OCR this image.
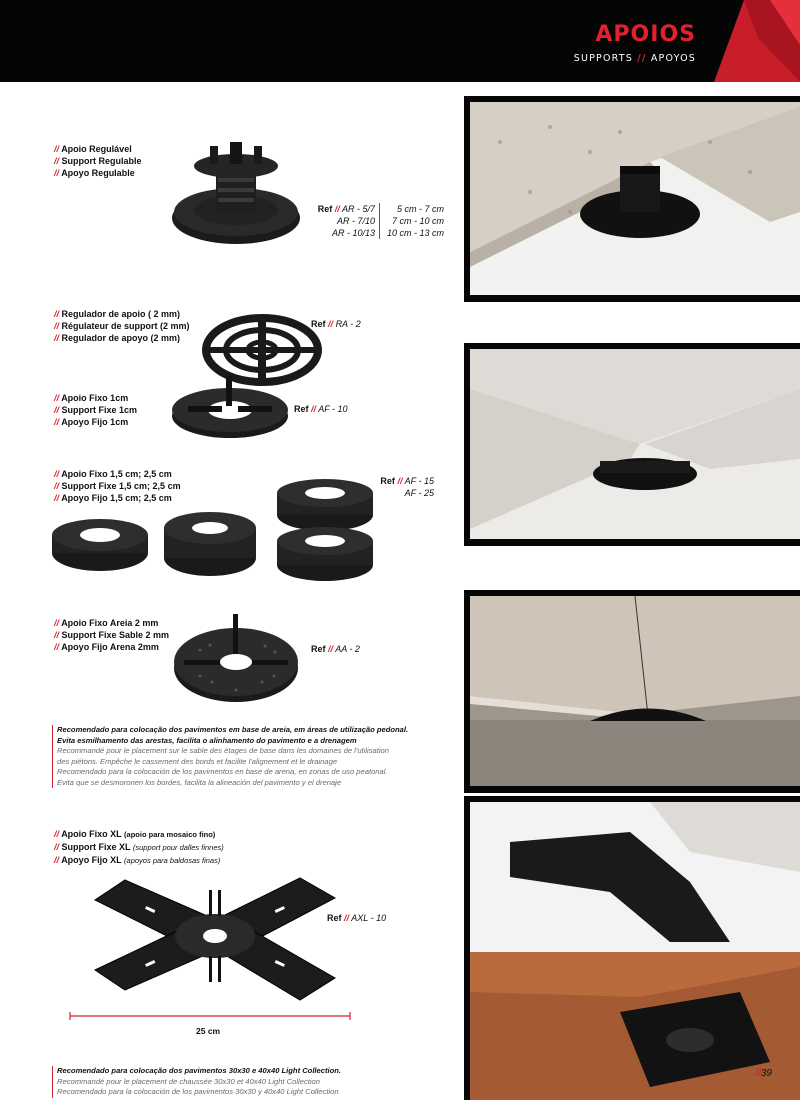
APOIOS
SUPPORTS // APOYOS
// Apoio Regulável
// Support Regulable
// Apoyo Regulable
Ref // AR - 5/7
AR - 7/10
AR - 10/13
5 cm - 7 cm
7 cm - 10 cm
10 cm - 13 cm
// Regulador de apoio ( 2 mm)
// Régulateur de support (2 mm)
// Regulador de apoyo (2 mm)
Ref // RA - 2
// Apoio Fixo 1cm
// Support Fixe 1cm
// Apoyo Fijo 1cm
Ref // AF - 10
// Apoio Fixo 1,5 cm; 2,5 cm
// Support Fixe 1,5 cm; 2,5 cm
// Apoyo Fijo 1,5 cm; 2,5 cm
Ref // AF - 15
AF - 25
// Apoio Fixo Areia 2 mm
// Support Fixe Sable 2 mm
// Apoyo Fijo Arena 2mm	Ref // AA - 2
Recomendado para colocação dos pavimentos em base de areia, em áreas de utilização pedonal.
Evita esmilhamento das arestas, facilita o alinhamento do pavimento e a drenagem
Recommandé pour le placement sur le sable des étages de base dans les domaines de l'utilisation
des piétons. Empêche le cassement des bords et facilite l'alignement et le drainage
Recomendado para la colocación de los pavimentos en base de arena, en zonas de uso peatonal.
Evita que se desmoronen los bordes, facilita la alineación del pavimento y el drenaje
// Apoio Fixo XL (apoio para mosaico fino)
// Support Fixe XL (support pour dalles finnes)
// Apoyo Fijo XL (apoyos para baldosas finas)
Ref // AXL - 10
25 cm
Recomendado para colocação dos pavimentos 30x30 e 40x40 Light Collection.
Recommandé pour le placement de chaussée 30x30 et 40x40 Light Collection
Recomendado para la colocación de los pavimentos 30x30 y 40x40 Light Collection
//39
